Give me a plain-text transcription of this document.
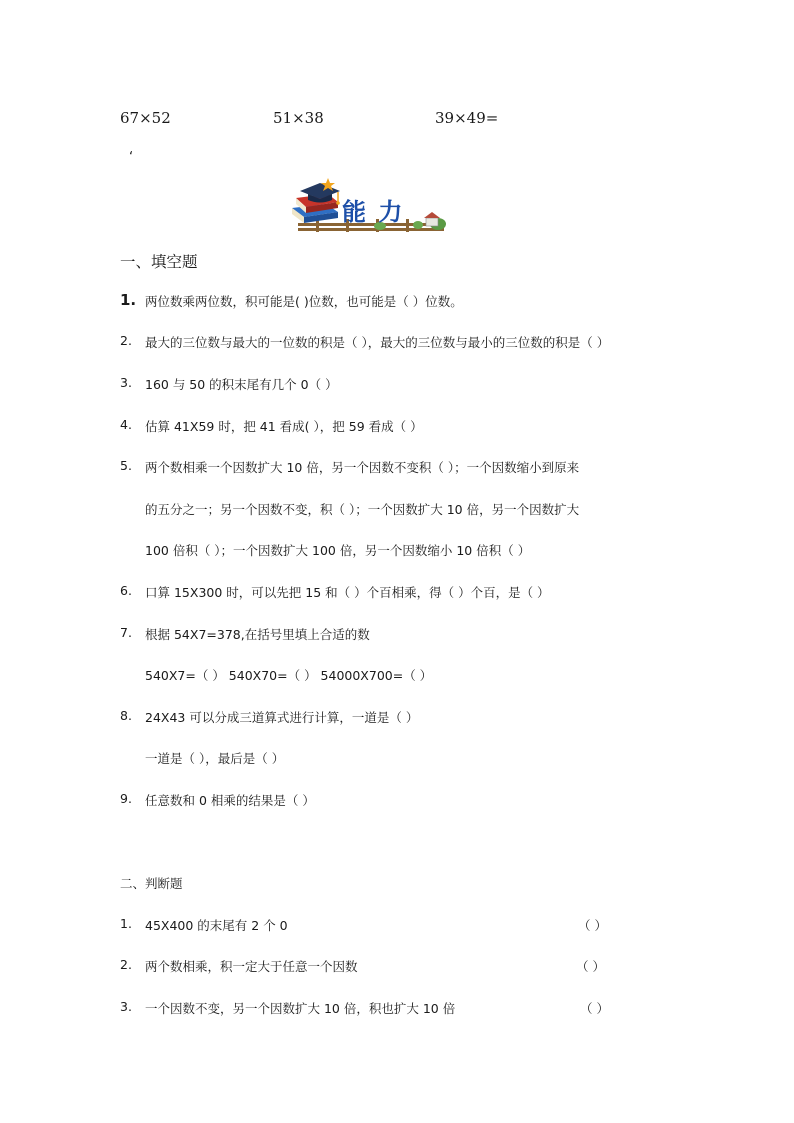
67×52	51×38	39×49=
‘
能 力
一、填空题
1. 两位数乘两位数，积可能是( )位数，也可能是（ ）位数。
2. 最大的三位数与最大的一位数的积是（ ），最大的三位数与最小的三位数的积是（ ）
3. 160 与 50 的积末尾有几个 0（ ）
4. 估算 41X59 时，把 41 看成( ），把 59 看成（ ）
5. 两个数相乘一个因数扩大 10 倍，另一个因数不变积（ ）；一个因数缩小到原来
的五分之一；另一个因数不变，积（ ）；一个因数扩大 10 倍，另一个因数扩大
100 倍积（ ）；一个因数扩大 100 倍，另一个因数缩小 10 倍积（ ）
6. 口算 15X300 时，可以先把 15 和（ ）个百相乘，得（ ）个百，是（ ）
7. 根据 54X7=378,在括号里填上合适的数
540X7=（ ） 540X70=（ ） 54000X700=（ ）
8. 24X43 可以分成三道算式进行计算，一道是（ ）
一道是（ ），最后是（ ）
9. 任意数和 0 相乘的结果是（ ）
二、判断题
1. 45X400 的末尾有 2 个 0	（ ）
2. 两个数相乘，积一定大于任意一个因数	（ ）
3. 一个因数不变，另一个因数扩大 10 倍，积也扩大 10 倍	（ ）
